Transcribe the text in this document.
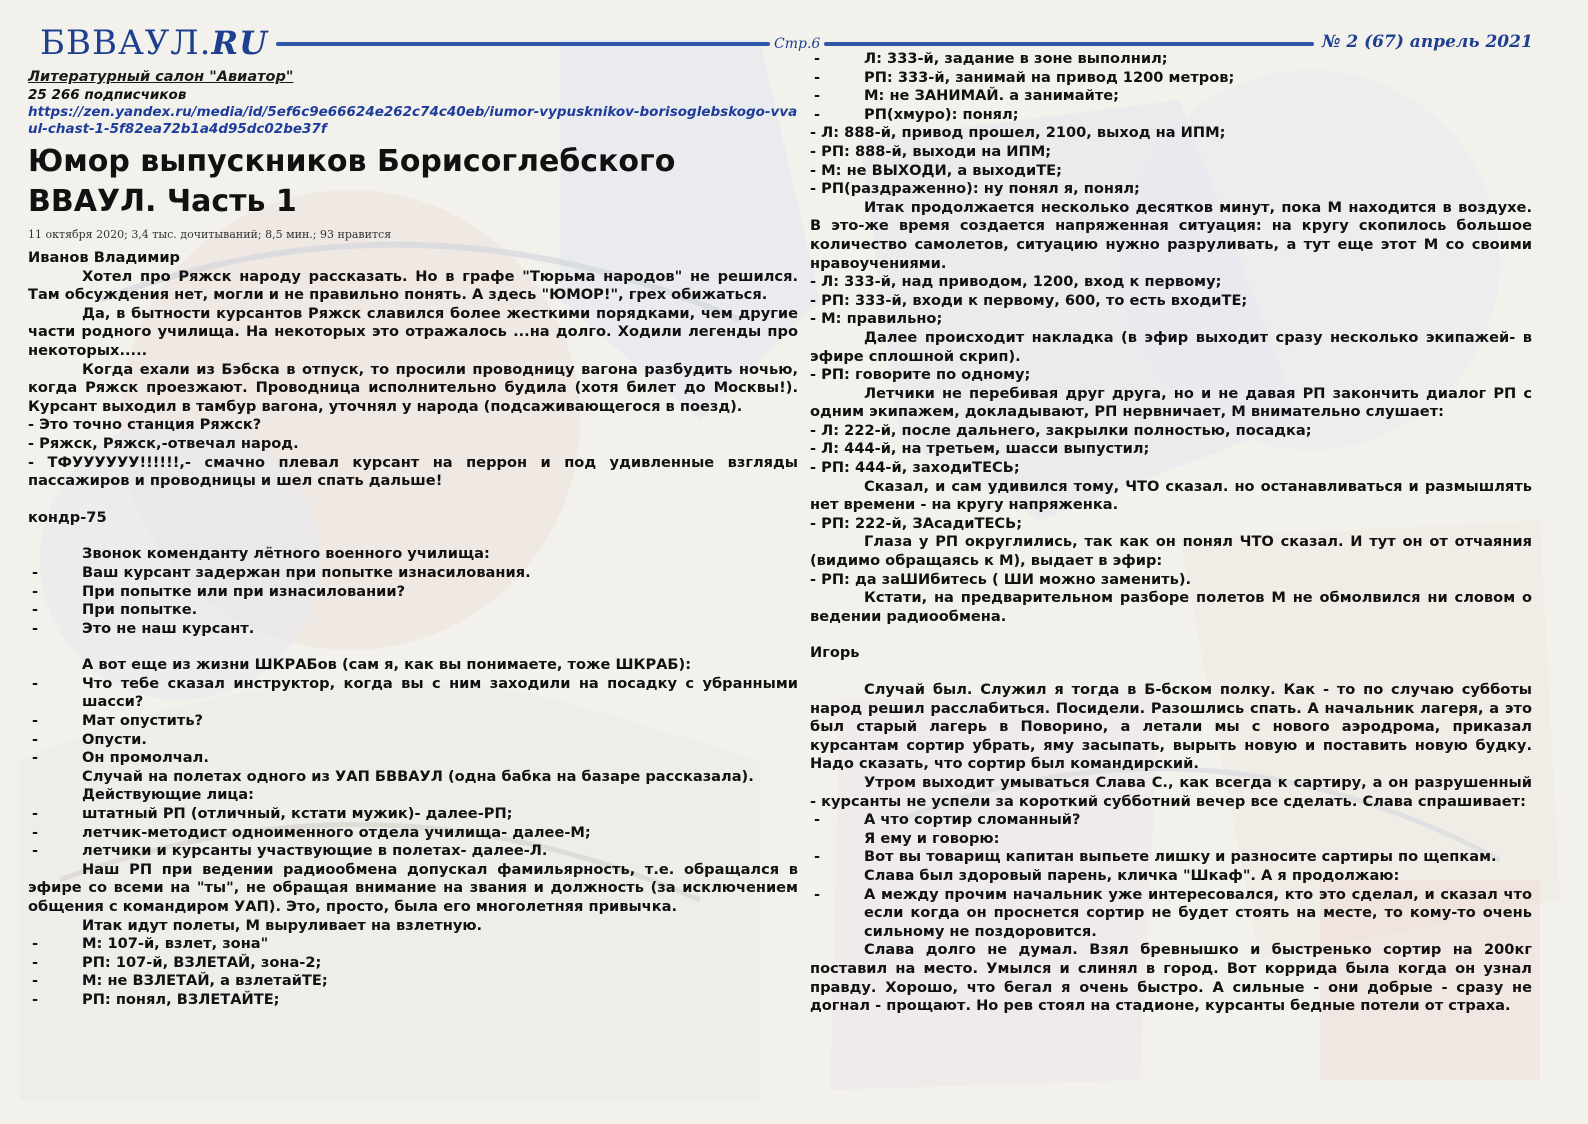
БВВАУЛ.RU	Стр.6	№ 2 (67) апрель 2021
Литературный салон "Авиатор"
25 266 подписчиков
https://zen.yandex.ru/media/id/5ef6c9e66624e262c74c40eb/iumor-vypusknikov-borisoglebskogo-vvaul-chast-1-5f82ea72b1a4d95dc02be37f
Юмор выпускников Борисоглебского ВВАУЛ. Часть 1
11 октября 2020; 3,4 тыс. дочитываний; 8,5 мин.; 93 нравится

Иванов Владимир

Хотел про Ряжск народу рассказать. Но в графе "Тюрьма народов" не решился. Там обсуждения нет, могли и не правильно понять. А здесь "ЮМОР!", грех обижаться.

Да, в бытности курсантов Ряжск славился более жесткими порядками, чем другие части родного училища. На некоторых это отражалось ...на долго. Ходили легенды про некоторых.....

Когда ехали из Бэбска в отпуск, то просили проводницу вагона разбудить ночью, когда Ряжск проезжают. Проводница исполнительно будила (хотя билет до Москвы!). Курсант выходил в тамбур вагона, уточнял у народа (подсаживающегося в поезд).

- Это точно станция Ряжск?

- Ряжск, Ряжск,-отвечал народ.

- ТФУУУУУУ!!!!!!,- смачно плевал курсант на перрон и под удивленные взгляды пассажиров и проводницы и шел спать дальше!

кондр-75

Звонок коменданту лётного военного училища:

- Ваш курсант задержан при попытке изнасилования.

- При попытке или при изнасиловании?

- При попытке.

- Это не наш курсант.

А вот еще из жизни ШКРАБов (сам я, как вы понимаете, тоже ШКРАБ):

- Что тебе сказал инструктор, когда вы с ним заходили на посадку с убранными шасси?

- Мат опустить?

- Опусти.

- Он промолчал.

Случай на полетах одного из УАП БВВАУЛ (одна бабка на базаре рассказала).

Действующие лица:

- штатный РП (отличный, кстати мужик)- далее-РП;

- летчик-методист одноименного отдела училища- далее-М;

- летчики и курсанты участвующие в полетах- далее-Л.

Наш РП при ведении радиообмена допускал фамильярность, т.е. обращался в эфире со всеми на "ты", не обращая внимание на звания и должность (за исключением общения с командиром УАП). Это, просто, была его многолетняя привычка.

Итак идут полеты, М выруливает на взлетную.

- М: 107-й, взлет, зона"

- РП: 107-й, ВЗЛЕТАЙ, зона-2;

- М: не ВЗЛЕТАЙ, а взлетайТЕ;

- РП: понял, ВЗЛЕТАЙТЕ;

- Л: 333-й, задание в зоне выполнил;

- РП: 333-й, занимай на привод 1200 метров;

- М: не ЗАНИМАЙ. а занимайте;

- РП(хмуро): понял;

- Л: 888-й, привод прошел, 2100, выход на ИПМ;

- РП: 888-й, выходи на ИПМ;

- М: не ВЫХОДИ, а выходиТЕ;

- РП(раздраженно): ну понял я, понял;

Итак продолжается несколько десятков минут, пока М находится в воздухе. В это-же время создается напряженная ситуация: на кругу скопилось большое количество самолетов, ситуацию нужно разруливать, а тут еще этот М со своими нравоучениями.

- Л: 333-й, над приводом, 1200, вход к первому;

- РП: 333-й, входи к первому, 600, то есть входиТЕ;

- М: правильно;

Далее происходит накладка (в эфир выходит сразу несколько экипажей- в эфире сплошной скрип).

- РП: говорите по одному;

Летчики не перебивая друг друга, но и не давая РП закончить диалог РП с одним экипажем, докладывают, РП нервничает, М внимательно слушает:

- Л: 222-й, после дальнего, закрылки полностью, посадка;

- Л: 444-й, на третьем, шасси выпустил;

- РП: 444-й, заходиТЕСЬ;

Сказал, и сам удивился тому, ЧТО сказал. но останавливаться и размышлять нет времени - на кругу напряженка.

- РП: 222-й, ЗАсадиТЕСЬ;

Глаза у РП округлились, так как он понял ЧТО сказал. И тут он от отчаяния (видимо обращаясь к М), выдает в эфир:

- РП: да заШИбитесь ( ШИ можно заменить).

Кстати, на предварительном разборе полетов М не обмолвился ни словом о ведении радиообмена.

Игорь

Случай был. Служил я тогда в Б-бском полку. Как - то по случаю субботы народ решил расслабиться. Посидели. Разошлись спать. А начальник лагеря, а это был старый лагерь в Поворино, а летали мы с нового аэродрома, приказал курсантам сортир убрать, яму засыпать, вырыть новую и поставить новую будку. Надо сказать, что сортир был командирский.

Утром выходит умываться Слава С., как всегда к сартиру, а он разрушенный - курсанты не успели за короткий субботний вечер все сделать. Слава спрашивает:

- А что сортир сломанный?

Я ему и говорю:

- Вот вы товарищ капитан выпьете лишку и разносите сартиры по щепкам.

Слава был здоровый парень, кличка "Шкаф". А я продолжаю:

- А между прочим начальник уже интересовался, кто это сделал, и сказал что если когда он проснется сортир не будет стоять на месте, то кому-то очень сильному не поздоровится.

Слава долго не думал. Взял бревнышко и быстренько сортир на 200кг поставил на место. Умылся и слинял в город. Вот коррида была когда он узнал правду. Хорошо, что бегал я очень быстро. А сильные - они добрые - сразу не догнал - прощают. Но рев стоял на стадионе, курсанты бедные потели от страха.
